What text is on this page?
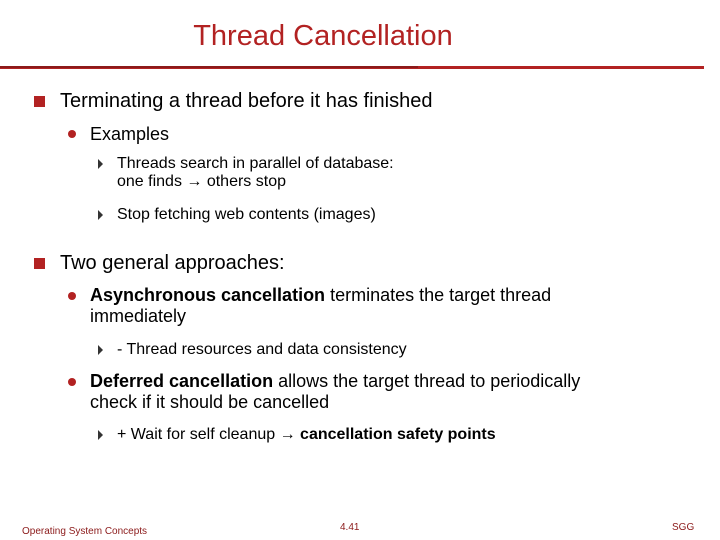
Thread Cancellation
Terminating a thread before it has finished
Examples
Threads search in parallel of database:
one finds → others stop
Stop fetching web contents (images)
Two general approaches:
Asynchronous cancellation terminates the target thread
immediately
- Thread resources and data consistency
Deferred cancellation allows the target thread to periodically
check if it should be cancelled
+ Wait for self cleanup → cancellation safety points
Operating System Concepts	4.41	SGG
